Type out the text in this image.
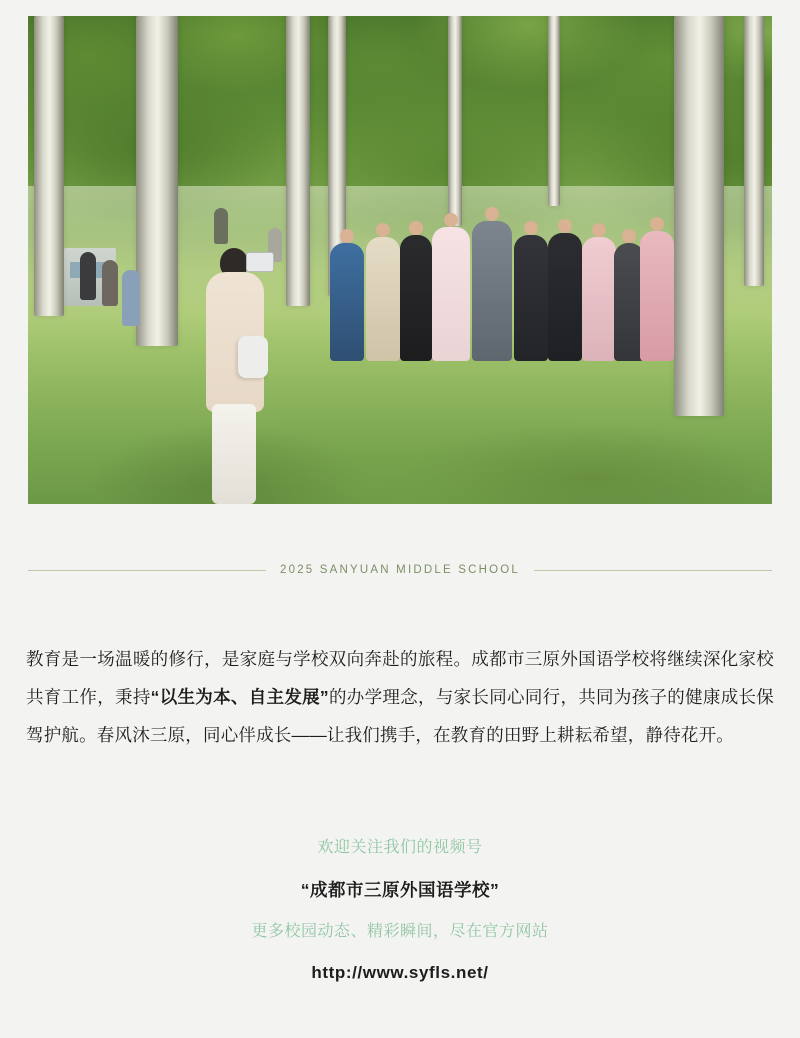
2025 SANYUAN MIDDLE SCHOOL

教育是一场温暖的修行，是家庭与学校双向奔赴的旅程。成都市三原外国语学校将继续深化家校共育工作，秉持“以生为本、自主发展”的办学理念，与家长同心同行，共同为孩子的健康成长保驾护航。春风沐三原，同心伴成长——让我们携手，在教育的田野上耕耘希望，静待花开。

欢迎关注我们的视频号
“成都市三原外国语学校”
更多校园动态、精彩瞬间，尽在官方网站
http://www.syfls.net/
